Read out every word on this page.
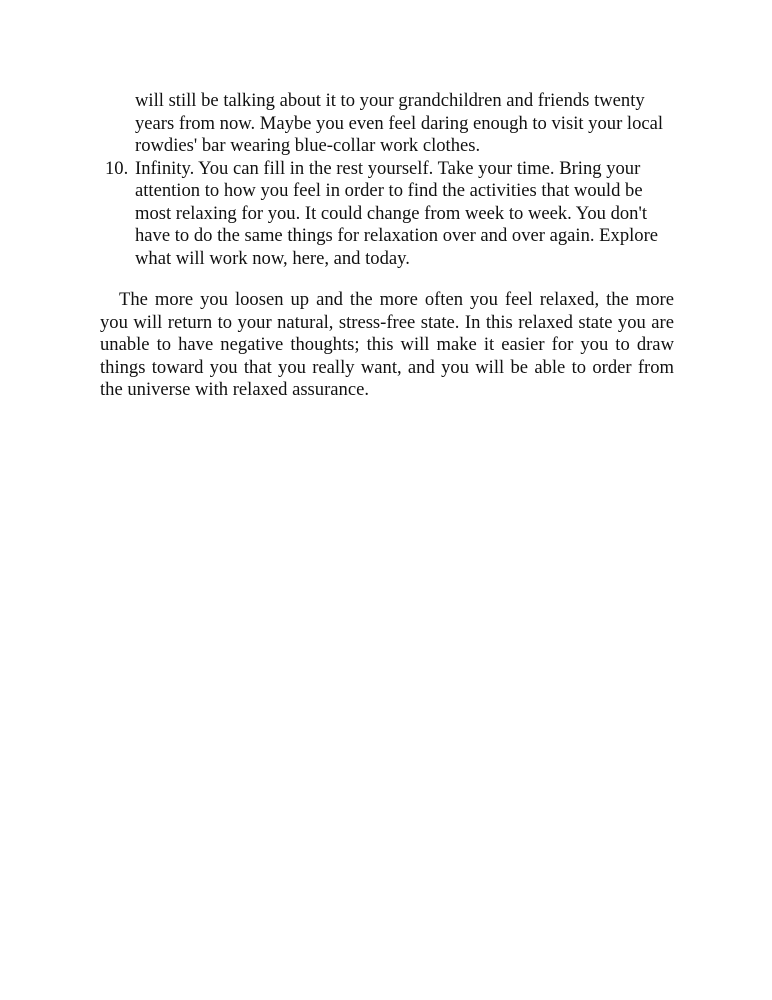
will still be talking about it to your grandchildren and friends twenty years from now. Maybe you even feel daring enough to visit your local rowdies' bar wearing blue-collar work clothes.

10. Infinity. You can fill in the rest yourself. Take your time. Bring your attention to how you feel in order to find the activities that would be most relaxing for you. It could change from week to week. You don't have to do the same things for relaxation over and over again. Explore what will work now, here, and today.

The more you loosen up and the more often you feel relaxed, the more you will return to your natural, stress-free state. In this relaxed state you are unable to have negative thoughts; this will make it easier for you to draw things toward you that you really want, and you will be able to order from the universe with relaxed assurance.
